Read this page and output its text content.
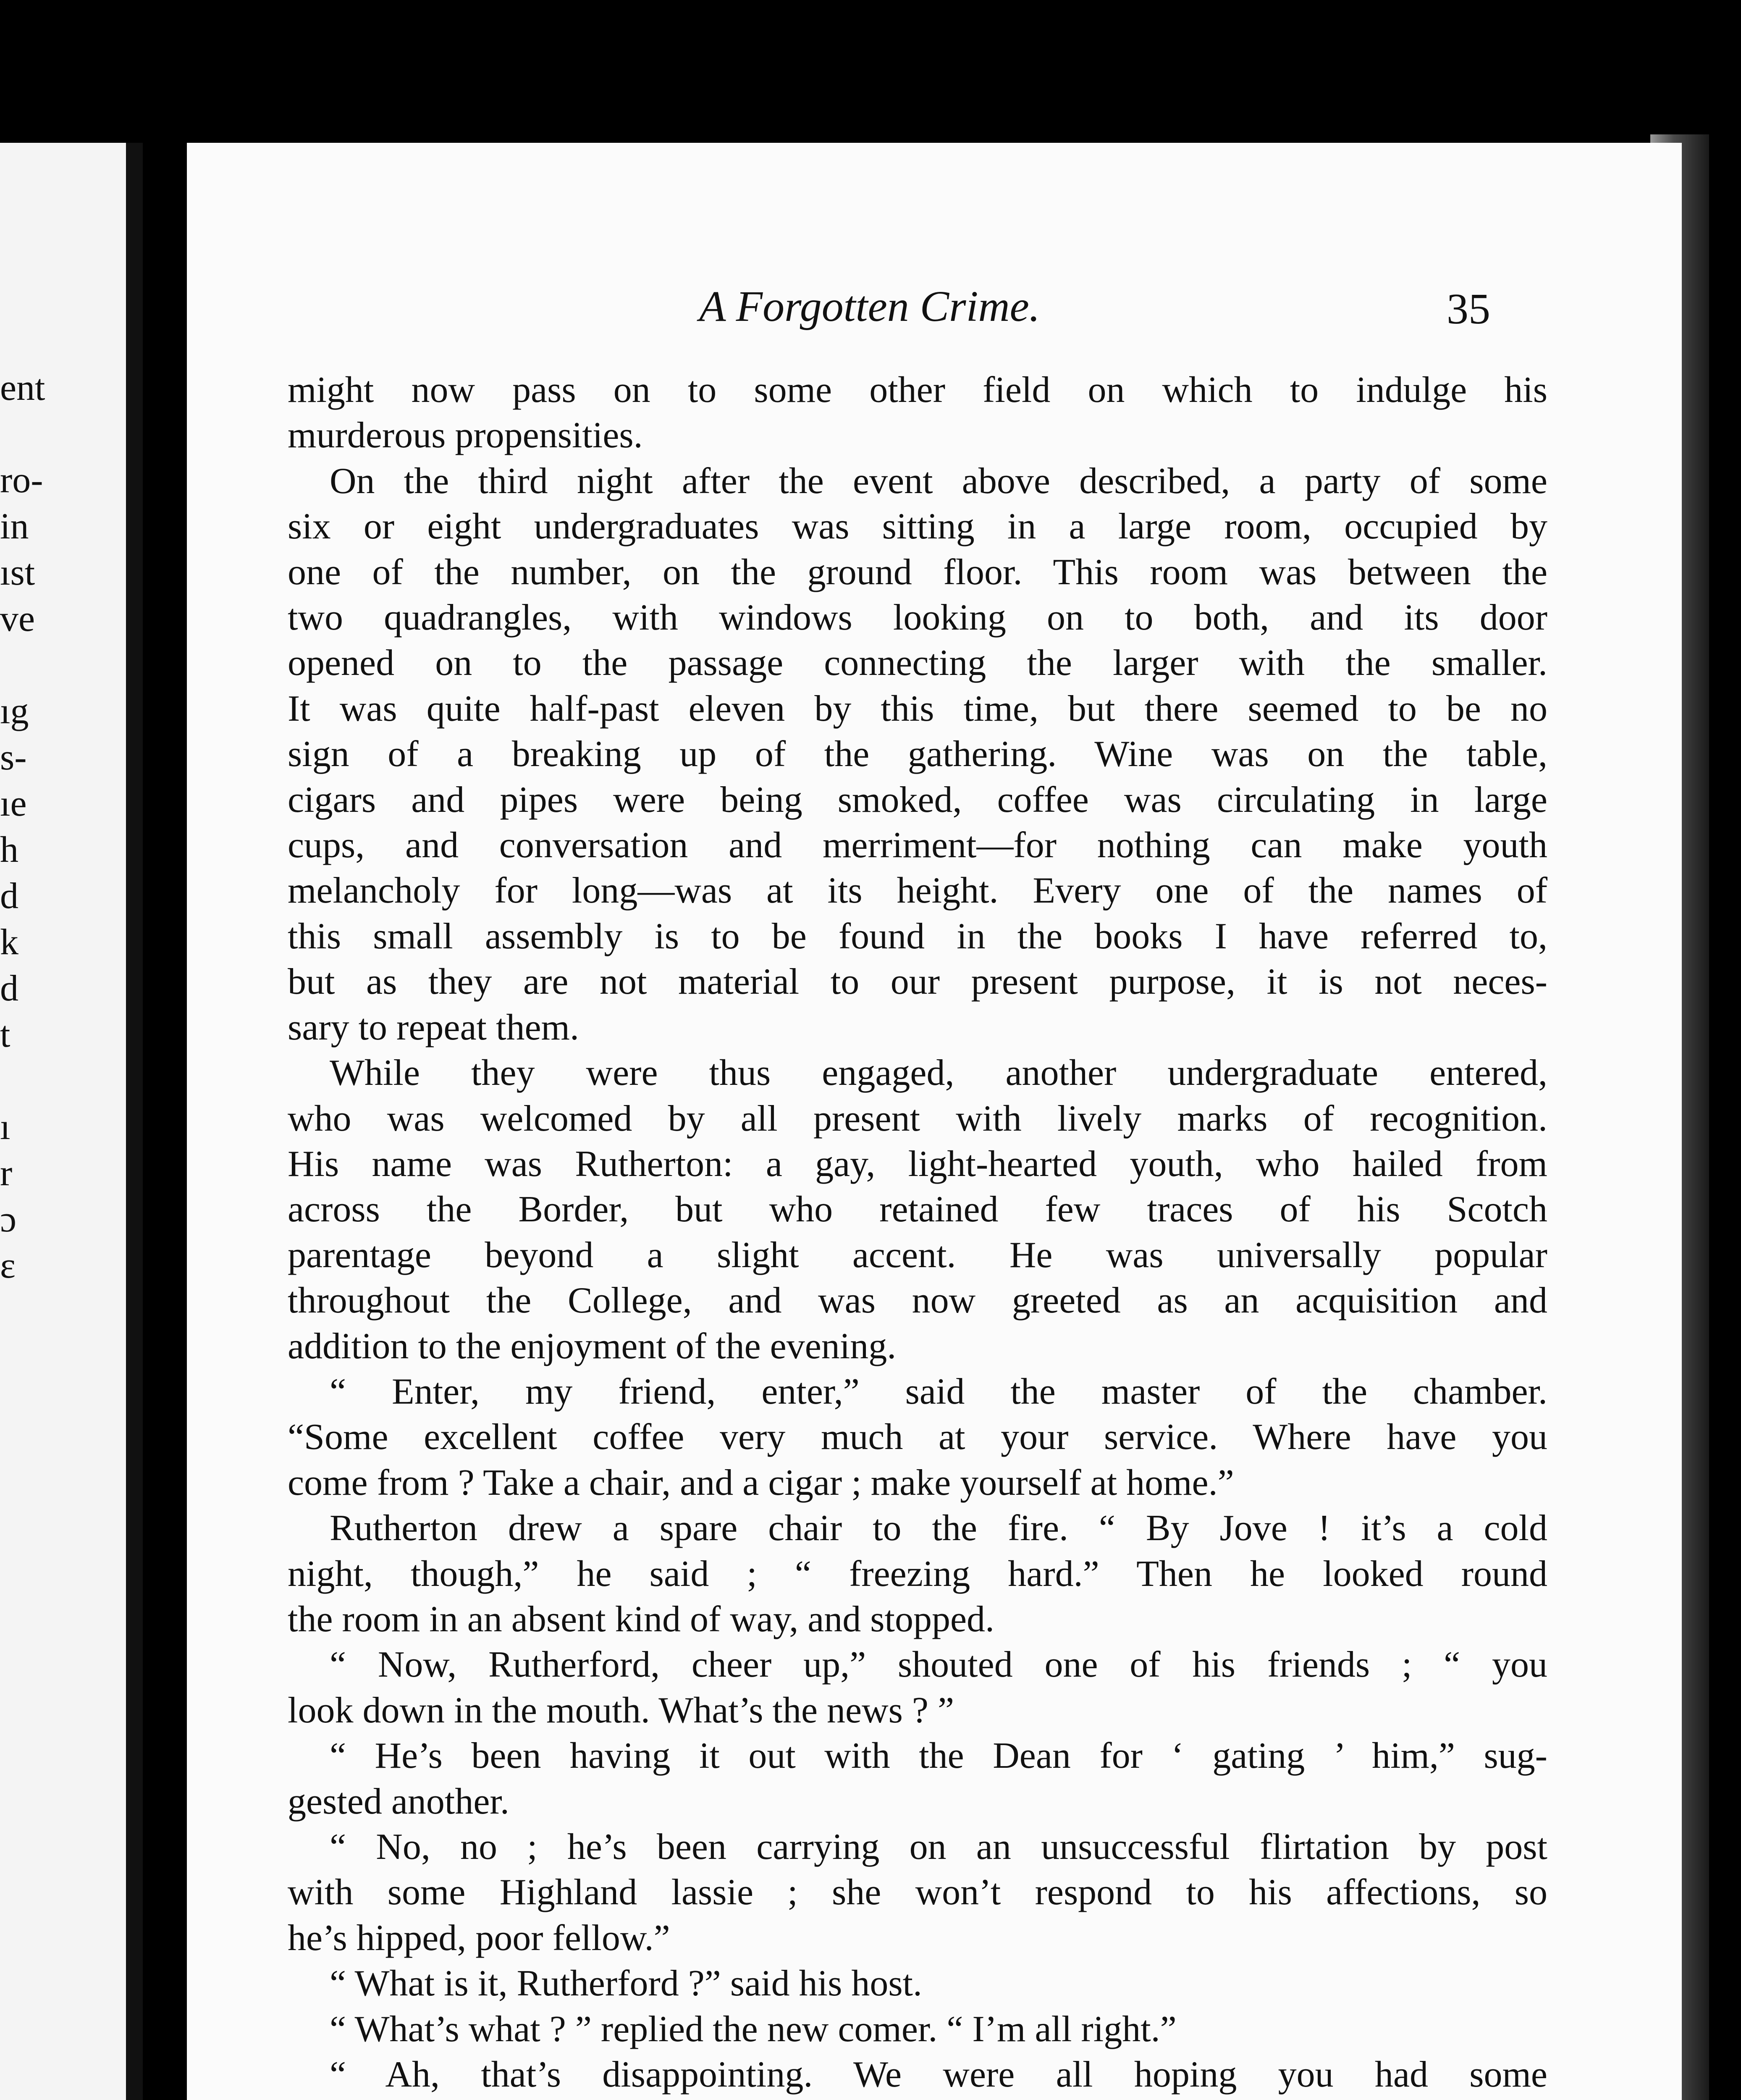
ent
ro-
in
ıst
ve
ıg
s-
ıe
h
d
k
d
t
ı
r
ɔ
ɛ
A Forgotten Crime.	35

might now pass on to some other field on which to indulge his

murderous propensities.

On the third night after the event above described, a party of some

six or eight undergraduates was sitting in a large room, occupied by

one of the number, on the ground floor. This room was between the

two quadrangles, with windows looking on to both, and its door

opened on to the passage connecting the larger with the smaller.

It was quite half-past eleven by this time, but there seemed to be no

sign of a breaking up of the gathering. Wine was on the table,

cigars and pipes were being smoked, coffee was circulating in large

cups, and conversation and merriment—for nothing can make youth

melancholy for long—was at its height. Every one of the names of

this small assembly is to be found in the books I have referred to,

but as they are not material to our present purpose, it is not neces-

sary to repeat them.

While they were thus engaged, another undergraduate entered,

who was welcomed by all present with lively marks of recognition.

His name was Rutherton: a gay, light-hearted youth, who hailed from

across the Border, but who retained few traces of his Scotch

parentage beyond a slight accent. He was universally popular

throughout the College, and was now greeted as an acquisition and

addition to the enjoyment of the evening.

“ Enter, my friend, enter,” said the master of the chamber.

“Some excellent coffee very much at your service. Where have you

come from ? Take a chair, and a cigar ; make yourself at home.”

Rutherton drew a spare chair to the fire. “ By Jove ! it’s a cold

night, though,” he said ; “ freezing hard.” Then he looked round

the room in an absent kind of way, and stopped.

“ Now, Rutherford, cheer up,” shouted one of his friends ; “ you

look down in the mouth. What’s the news ? ”

“ He’s been having it out with the Dean for ‘ gating ’ him,” sug-

gested another.

“ No, no ; he’s been carrying on an unsuccessful flirtation by post

with some Highland lassie ; she won’t respond to his affections, so

he’s hipped, poor fellow.”

“ What is it, Rutherford ?” said his host.

“ What’s what ? ” replied the new comer. “ I’m all right.”

“ Ah, that’s disappointing. We were all hoping you had some
